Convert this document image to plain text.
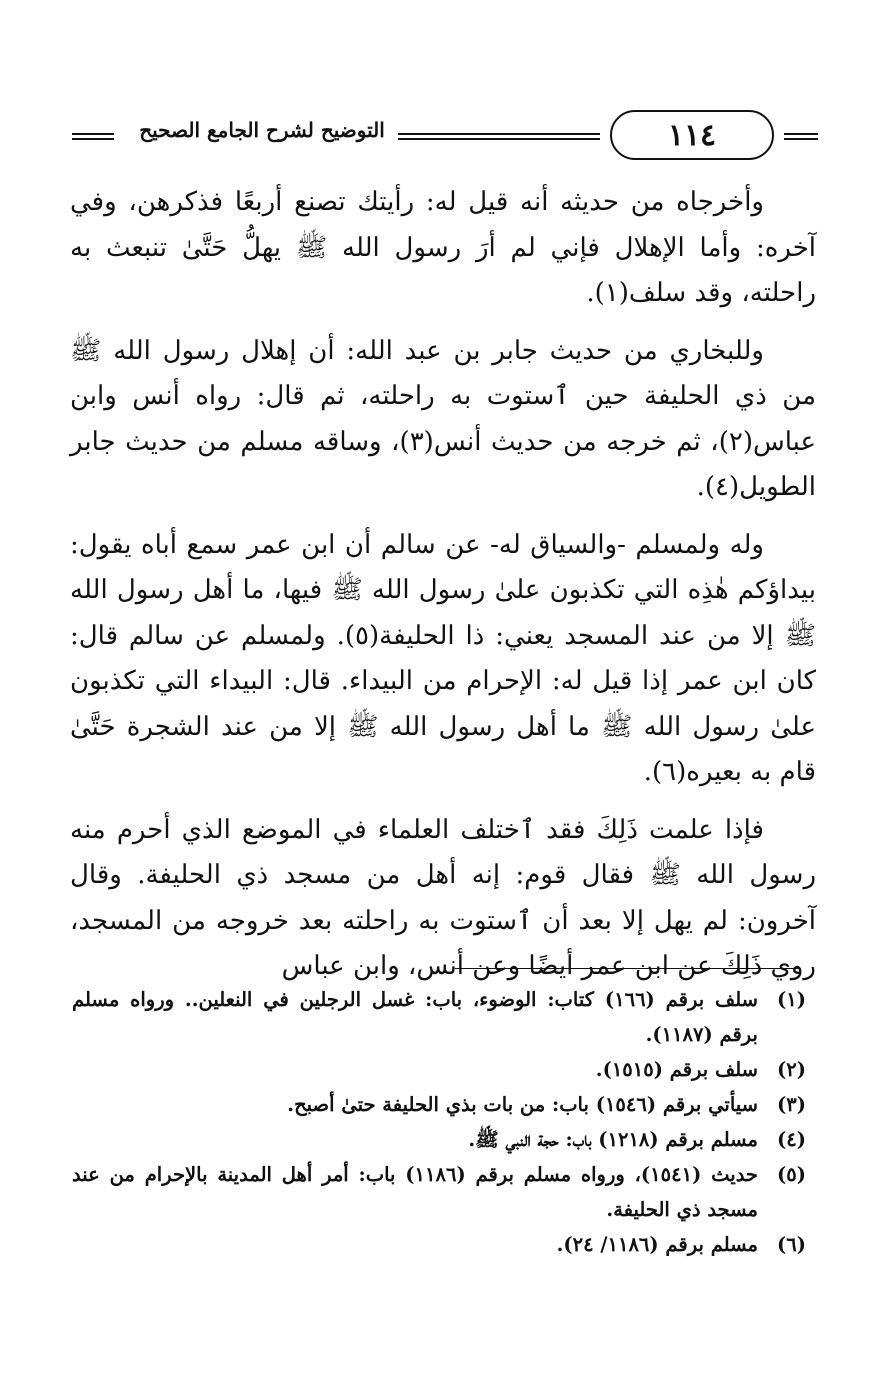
١١٤
التوضيح لشرح الجامع الصحيح

وأخرجاه من حديثه أنه قيل له: رأيتك تصنع أربعًا فذكرهن، وفي آخره: وأما الإهلال فإني لم أرَ رسول الله ﷺ يهلُّ حَتَّىٰ تنبعث به راحلته، وقد سلف(١).

وللبخاري من حديث جابر بن عبد الله: أن إهلال رسول الله ﷺ من ذي الحليفة حين ٱستوت به راحلته، ثم قال: رواه أنس وابن عباس(٢)، ثم خرجه من حديث أنس(٣)، وساقه مسلم من حديث جابر الطويل(٤).

وله ولمسلم -والسياق له- عن سالم أن ابن عمر سمع أباه يقول: بيداؤكم هٰذِه التي تكذبون علىٰ رسول الله ﷺ فيها، ما أهل رسول الله ﷺ إلا من عند المسجد يعني: ذا الحليفة(٥). ولمسلم عن سالم قال: كان ابن عمر إذا قيل له: الإحرام من البيداء. قال: البيداء التي تكذبون علىٰ رسول الله ﷺ ما أهل رسول الله ﷺ إلا من عند الشجرة حَتَّىٰ قام به بعيره(٦).

فإذا علمت ذَلِكَ فقد ٱختلف العلماء في الموضع الذي أحرم منه رسول الله ﷺ فقال قوم: إنه أهل من مسجد ذي الحليفة. وقال آخرون: لم يهل إلا بعد أن ٱستوت به راحلته بعد خروجه من المسجد، روي ذَلِكَ عن ابن عمر أيضًا وعن أنس، وابن عباس

(١)
سلف برقم (١٦٦) كتاب: الوضوء، باب: غسل الرجلين في النعلين.. ورواه مسلم برقم (١١٨٧).
(٢)
سلف برقم (١٥١٥).
(٣)
سيأتي برقم (١٥٤٦) باب: من بات بذي الحليفة حتىٰ أصبح.
(٤)
مسلم برقم (١٢١٨) باب: حجة النبي ﷺ.
(٥)
حديث (١٥٤١)، ورواه مسلم برقم (١١٨٦) باب: أمر أهل المدينة بالإحرام من عند مسجد ذي الحليفة.
(٦)
مسلم برقم (١١٨٦/ ٢٤).
